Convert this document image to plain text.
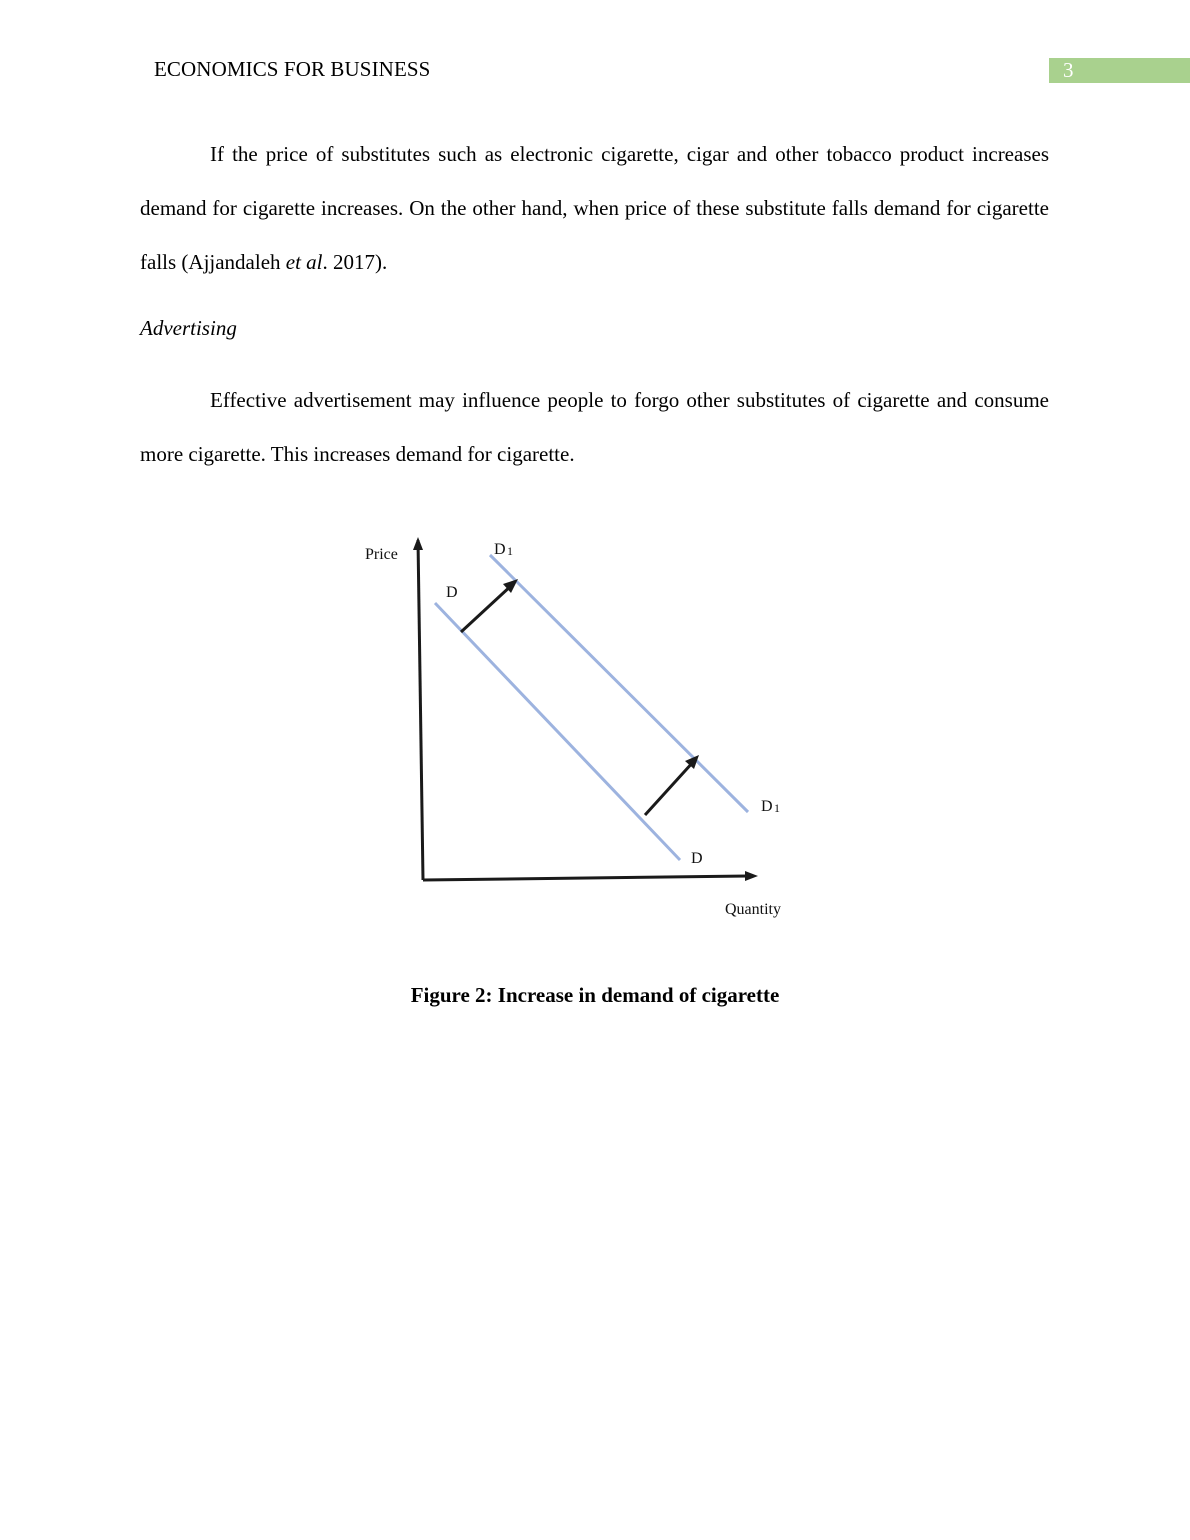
ECONOMICS FOR BUSINESS	3

If the price of substitutes such as electronic cigarette, cigar and other tobacco product increases demand for cigarette increases. On the other hand, when price of these substitute falls demand for cigarette falls (Ajjandaleh et al. 2017).

Advertising

Effective advertisement may influence people to forgo other substitutes of cigarette and consume more cigarette. This increases demand for cigarette.

Price
Quantity
D
D
D 1
D 1
Figure 2: Increase in demand of cigarette
